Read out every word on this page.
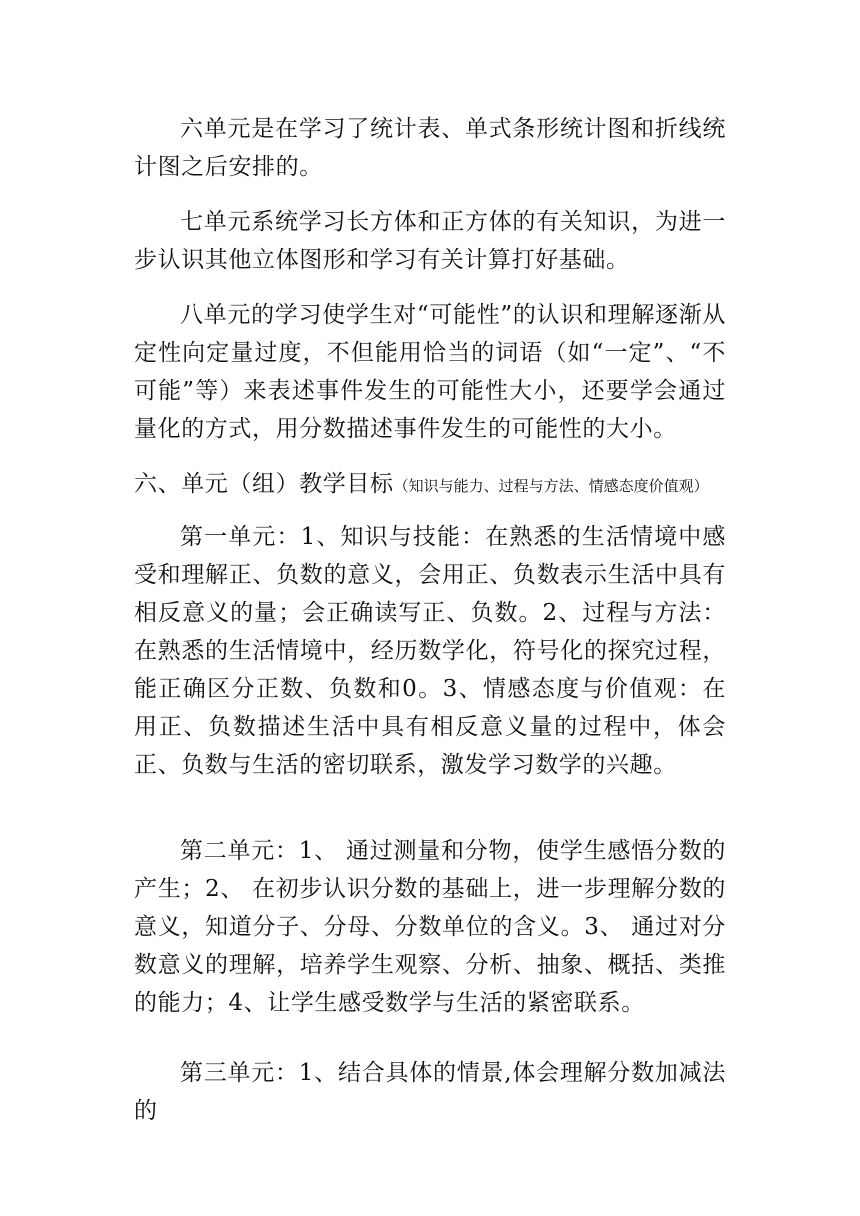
六单元是在学习了统计表、单式条形统计图和折线统计图之后安排的。

七单元系统学习长方体和正方体的有关知识，为进一步认识其他立体图形和学习有关计算打好基础。

八单元的学习使学生对“可能性”的认识和理解逐渐从定性向定量过度，不但能用恰当的词语（如“一定”、“不可能”等）来表述事件发生的可能性大小，还要学会通过量化的方式，用分数描述事件发生的可能性的大小。

六、单元（组）教学目标（知识与能力、过程与方法、情感态度价值观）

第一单元：1、知识与技能：在熟悉的生活情境中感受和理解正、负数的意义，会用正、负数表示生活中具有相反意义的量；会正确读写正、负数。2、过程与方法：在熟悉的生活情境中，经历数学化，符号化的探究过程，能正确区分正数、负数和0。3、情感态度与价值观：在用正、负数描述生活中具有相反意义量的过程中，体会正、负数与生活的密切联系，激发学习数学的兴趣。

第二单元：1、 通过测量和分物，使学生感悟分数的产生；2、 在初步认识分数的基础上，进一步理解分数的意义，知道分子、分母、分数单位的含义。3、 通过对分数意义的理解，培养学生观察、分析、抽象、概括、类推的能力；4、让学生感受数学与生活的紧密联系。

第三单元：1、结合具体的情景,体会理解分数加减法的
